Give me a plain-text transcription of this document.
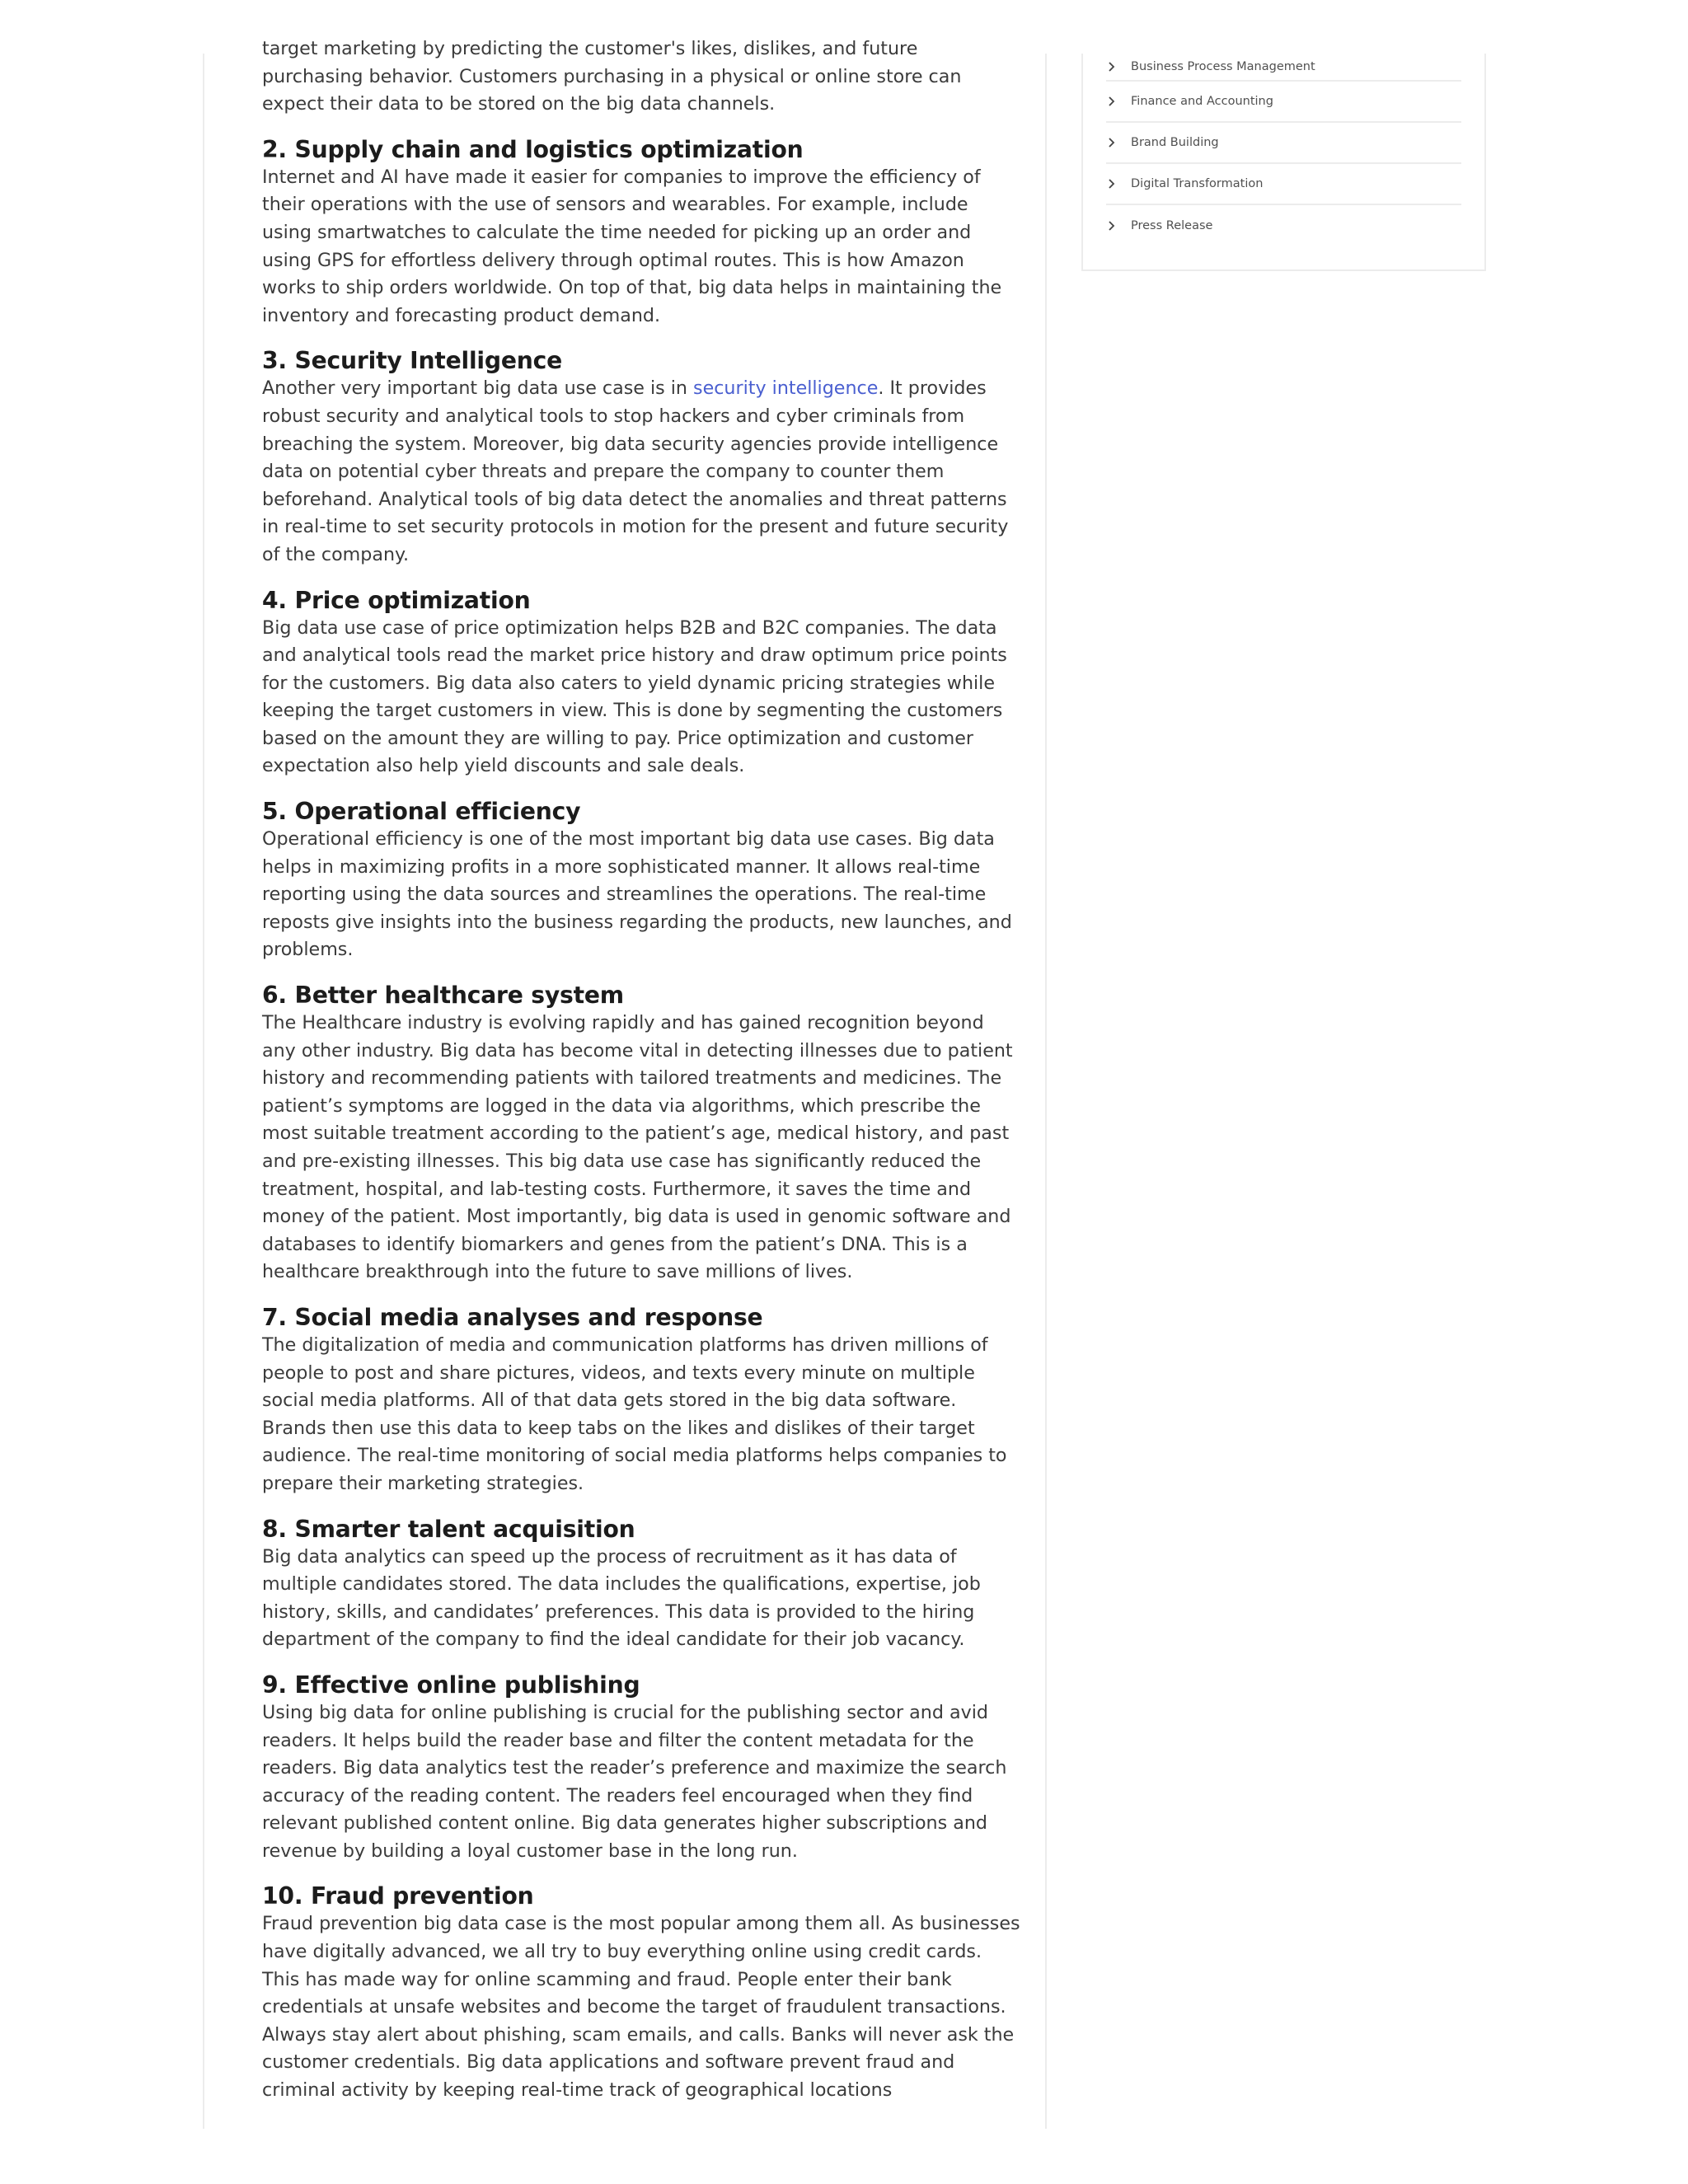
target marketing by predicting the customer's likes, dislikes, and future
purchasing behavior. Customers purchasing in a physical or online store can
expect their data to be stored on the big data channels.

2. Supply chain and logistics optimization

Internet and AI have made it easier for companies to improve the efficiency of their operations with the use of sensors and wearables. For example, include using smartwatches to calculate the time needed for picking up an order and using GPS for effortless delivery through optimal routes. This is how Amazon works to ship orders worldwide. On top of that, big data helps in maintaining the inventory and forecasting product demand.

3. Security Intelligence

Another very important big data use case is in security intelligence. It provides robust security and analytical tools to stop hackers and cyber criminals from breaching the system. Moreover, big data security agencies provide intelligence data on potential cyber threats and prepare the company to counter them beforehand. Analytical tools of big data detect the anomalies and threat patterns in real-time to set security protocols in motion for the present and future security of the company.

4. Price optimization

Big data use case of price optimization helps B2B and B2C companies. The data and analytical tools read the market price history and draw optimum price points for the customers. Big data also caters to yield dynamic pricing strategies while keeping the target customers in view. This is done by segmenting the customers based on the amount they are willing to pay. Price optimization and customer expectation also help yield discounts and sale deals.

5. Operational efficiency

Operational efficiency is one of the most important big data use cases. Big data helps in maximizing profits in a more sophisticated manner. It allows real-time reporting using the data sources and streamlines the operations. The real-time reposts give insights into the business regarding the products, new launches, and problems.

6. Better healthcare system

The Healthcare industry is evolving rapidly and has gained recognition beyond any other industry. Big data has become vital in detecting illnesses due to patient history and recommending patients with tailored treatments and medicines. The patient’s symptoms are logged in the data via algorithms, which prescribe the most suitable treatment according to the patient’s age, medical history, and past and pre-existing illnesses. This big data use case has significantly reduced the treatment, hospital, and lab-testing costs. Furthermore, it saves the time and money of the patient. Most importantly, big data is used in genomic software and databases to identify biomarkers and genes from the patient’s DNA. This is a healthcare breakthrough into the future to save millions of lives.

7. Social media analyses and response

The digitalization of media and communication platforms has driven millions of people to post and share pictures, videos, and texts every minute on multiple social media platforms. All of that data gets stored in the big data software. Brands then use this data to keep tabs on the likes and dislikes of their target audience. The real-time monitoring of social media platforms helps companies to prepare their marketing strategies.

8. Smarter talent acquisition

Big data analytics can speed up the process of recruitment as it has data of multiple candidates stored. The data includes the qualifications, expertise, job history, skills, and candidates’ preferences. This data is provided to the hiring department of the company to find the ideal candidate for their job vacancy.

9. Effective online publishing

Using big data for online publishing is crucial for the publishing sector and avid readers. It helps build the reader base and filter the content metadata for the readers. Big data analytics test the reader’s preference and maximize the search accuracy of the reading content. The readers feel encouraged when they find relevant published content online. Big data generates higher subscriptions and revenue by building a loyal customer base in the long run.

10. Fraud prevention

Fraud prevention big data case is the most popular among them all. As businesses have digitally advanced, we all try to buy everything online using credit cards. This has made way for online scamming and fraud. People enter their bank credentials at unsafe websites and become the target of fraudulent transactions. Always stay alert about phishing, scam emails, and calls. Banks will never ask the customer credentials. Big data applications and software prevent fraud and criminal activity by keeping real-time track of geographical locations

Business Process Management
Finance and Accounting
Brand Building
Digital Transformation
Press Release
